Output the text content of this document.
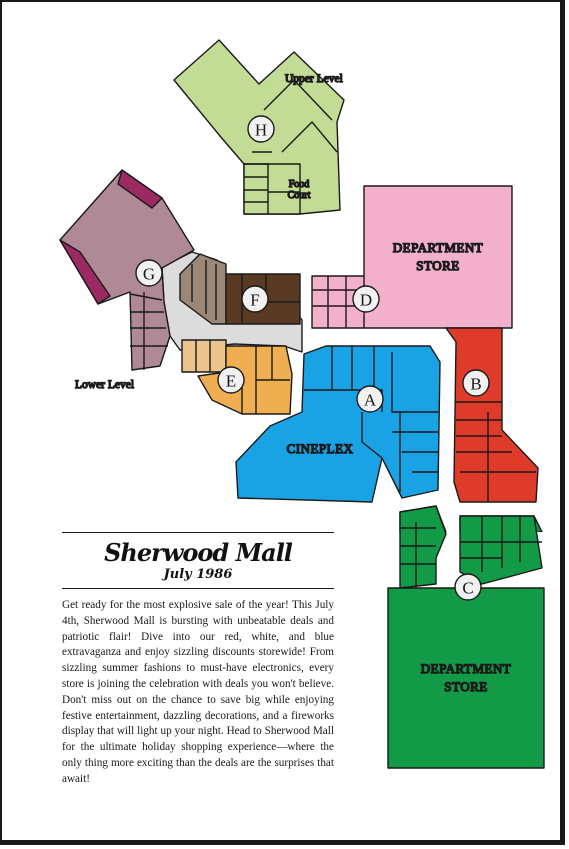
Upper Level
Lower Level
Food
Court
DEPARTMENT
STORE
CINEPLEX
H
G
F	D
E	B
A
DEPARTMENT
STORE
C
Sherwood Mall
July 1986

Get ready for the most explosive sale of the year! This July 4th, Sherwood Mall is bursting with unbeatable deals and patriotic flair! Dive into our red, white, and blue extravaganza and enjoy sizzling discounts storewide! From sizzling summer fashions to must-have electronics, every store is joining the celebration with deals you won't believe. Don't miss out on the chance to save big while enjoying festive entertainment, dazzling decorations, and a fireworks display that will light up your night. Head to Sherwood Mall for the ultimate holiday shopping experience—where the only thing more exciting than the deals are the surprises that await!
